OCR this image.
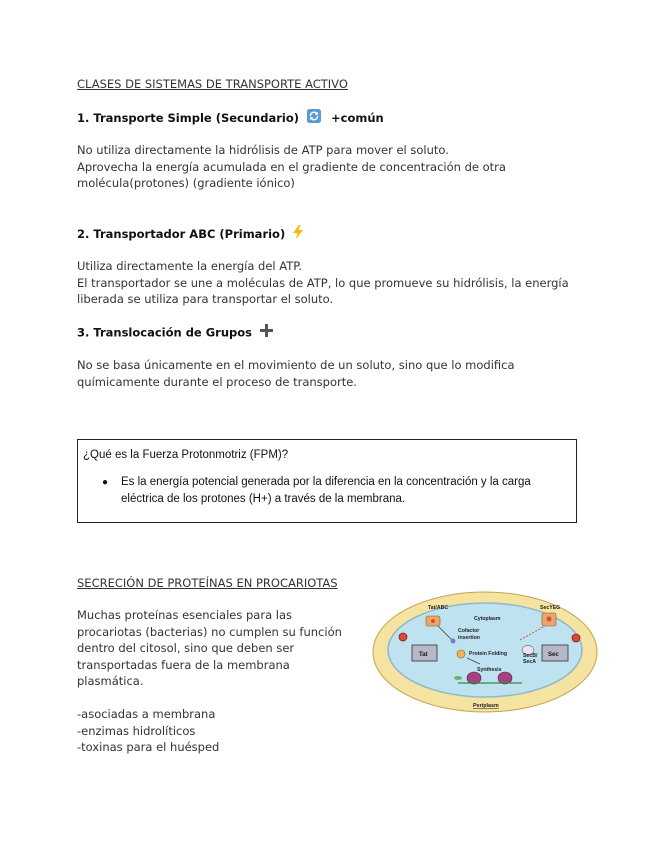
CLASES DE SISTEMAS DE TRANSPORTE ACTIVO
1. Transporte Simple (Secundario)	+común
No utiliza directamente la hidrólisis de ATP para mover el soluto.
Aprovecha la energía acumulada en el gradiente de concentración de otra
molécula(protones) (gradiente iónico)
2. Transportador ABC (Primario)
Utiliza directamente la energía del ATP.
El transportador se une a moléculas de ATP, lo que promueve su hidrólisis, la energía
liberada se utiliza para transportar el soluto.
3. Translocación de Grupos
No se basa únicamente en el movimiento de un soluto, sino que lo modifica
químicamente durante el proceso de transporte.
¿Qué es la Fuerza Protonmotriz (FPM)?
● Es la energía potencial generada por la diferencia en la concentración y la carga
eléctrica de los protones (H+) a través de la membrana.
SECRECIÓN DE PROTEÍNAS EN PROCARIOTAS
Muchas proteínas esenciales para las
procariotas (bacterias) no cumplen su función
dentro del citosol, sino que deben ser
transportadas fuera de la membrana
plasmática.
-asociadas a membrana
-enzimas hidrolíticos
-toxinas para el huésped
Tat/ABC	SecYEG
Cytoplasm
Cofactor
insertion
Protein Folding	SecB/
SecA
Synthesis
Tat	Sec
Periplasm
